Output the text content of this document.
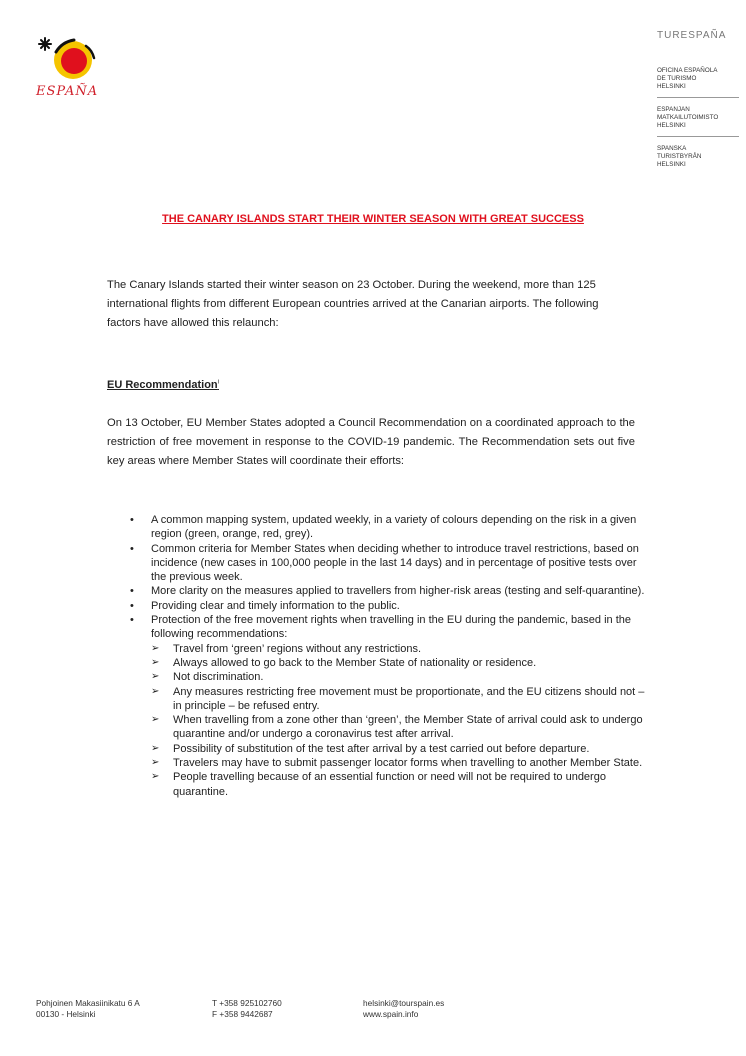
ESPAÑA
TURESPAÑA
OFICINA ESPAÑOLA
DE TURISMO
HELSINKI
ESPANJAN
MATKAILUTOIMISTO
HELSINKI
SPANSKA
TURISTBYRÅN
HELSINKI
THE CANARY ISLANDS START THEIR WINTER SEASON WITH GREAT SUCCESS
The Canary Islands started their winter season on 23 October. During the weekend, more than 125 international flights from different European countries arrived at the Canarian airports. The following factors have allowed this relaunch:
EU Recommendation$^i$
On 13 October, EU Member States adopted a Council Recommendation on a coordinated approach to the restriction of free movement in response to the COVID-19 pandemic. The Recommendation sets out five key areas where Member States will coordinate their efforts:
• A common mapping system, updated weekly, in a variety of colours depending on the risk in a given region (green, orange, red, grey).
• Common criteria for Member States when deciding whether to introduce travel restrictions, based on incidence (new cases in 100,000 people in the last 14 days) and in percentage of positive tests over the previous week.
• More clarity on the measures applied to travellers from higher-risk areas (testing and self-quarantine).
• Providing clear and timely information to the public.
• Protection of the free movement rights when travelling in the EU during the pandemic, based in the following recommendations:
➢ Travel from ‘green’ regions without any restrictions.
➢ Always allowed to go back to the Member State of nationality or residence.
➢ Not discrimination.
➢ Any measures restricting free movement must be proportionate, and the EU citizens should not – in principle – be refused entry.
➢ When travelling from a zone other than ‘green’, the Member State of arrival could ask to undergo quarantine and/or undergo a coronavirus test after arrival.
➢ Possibility of substitution of the test after arrival by a test carried out before departure.
➢ Travelers may have to submit passenger locator forms when travelling to another Member State.
➢ People travelling because of an essential function or need will not be required to undergo quarantine.
Pohjoinen Makasiinikatu 6 A
00130 - Helsinki
T +358 925102760
F +358 9442687
helsinki@tourspain.es
www.spain.info
